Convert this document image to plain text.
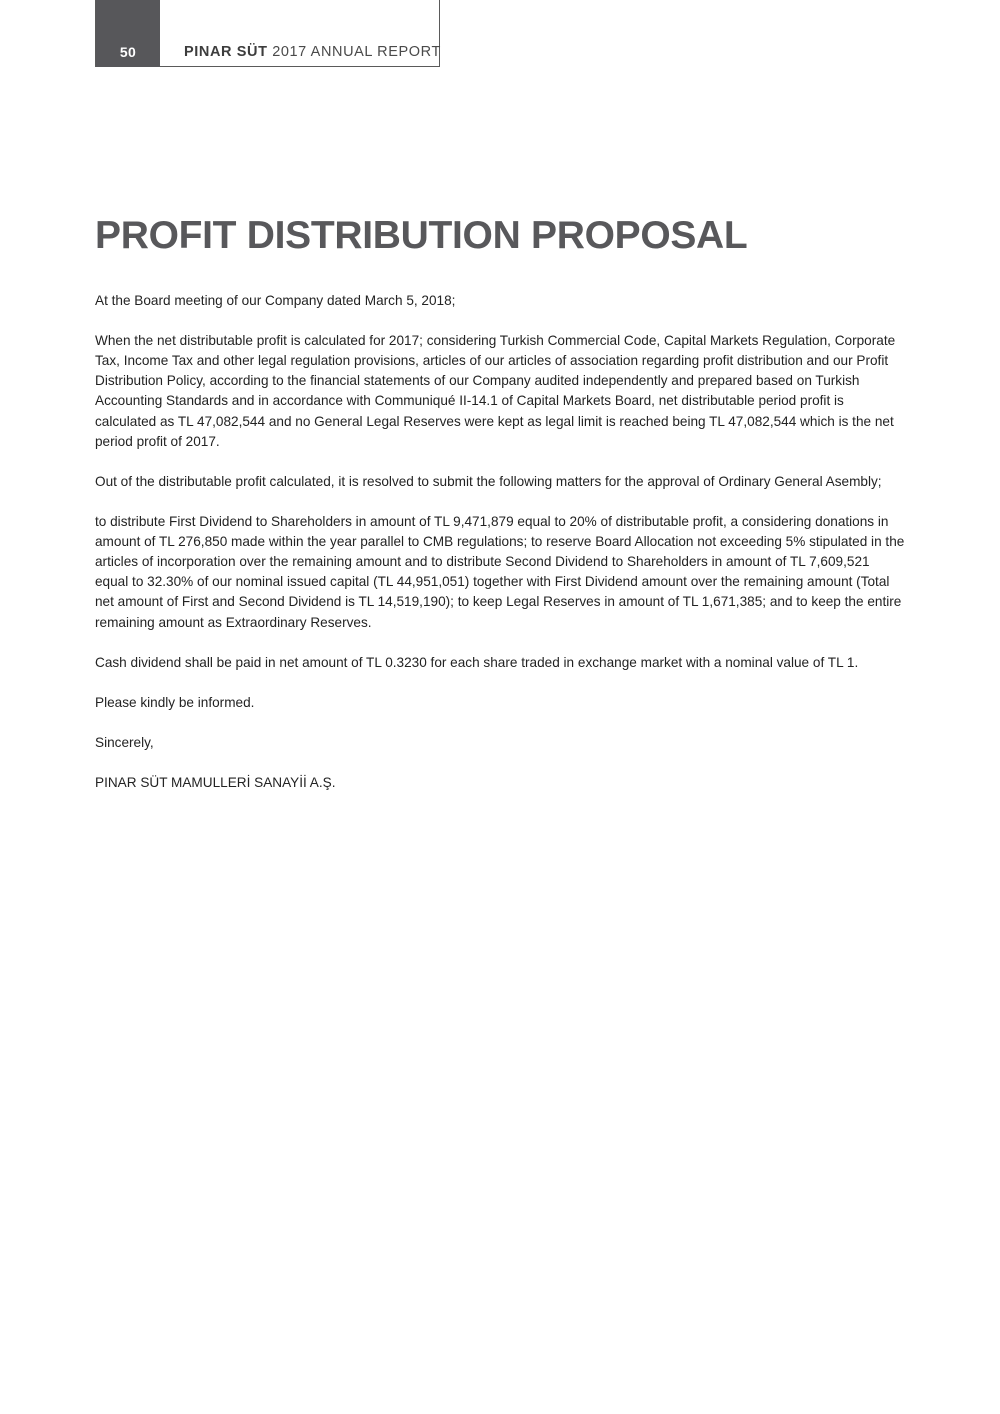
50	PINAR SÜT 2017 ANNUAL REPORT
PROFIT DISTRIBUTION PROPOSAL

At the Board meeting of our Company dated March 5, 2018;

When the net distributable profit is calculated for 2017; considering Turkish Commercial Code, Capital Markets Regulation, Corporate Tax, Income Tax and other legal regulation provisions, articles of our articles of association regarding profit distribution and our Profit Distribution Policy, according to the financial statements of our Company audited independently and prepared based on Turkish Accounting Standards and in accordance with Communiqué II-14.1 of Capital Markets Board, net distributable period profit is calculated as TL 47,082,544 and no General Legal Reserves were kept as legal limit is reached being TL 47,082,544 which is the net period profit of 2017.

Out of the distributable profit calculated, it is resolved to submit the following matters for the approval of Ordinary General Asembly;

to distribute First Dividend to Shareholders in amount of TL 9,471,879 equal to 20% of distributable profit, a considering donations in amount of TL 276,850 made within the year parallel to CMB regulations; to reserve Board Allocation not exceeding 5% stipulated in the articles of incorporation over the remaining amount and to distribute Second Dividend to Shareholders in amount of TL 7,609,521 equal to 32.30% of our nominal issued capital (TL 44,951,051) together with First Dividend amount over the remaining amount (Total net amount of First and Second Dividend is TL 14,519,190); to keep Legal Reserves in amount of TL 1,671,385; and to keep the entire remaining amount as Extraordinary Reserves.

Cash dividend shall be paid in net amount of TL 0.3230 for each share traded in exchange market with a nominal value of TL 1.

Please kindly be informed.

Sincerely,

PINAR SÜT MAMULLERİ SANAYİİ A.Ş.
